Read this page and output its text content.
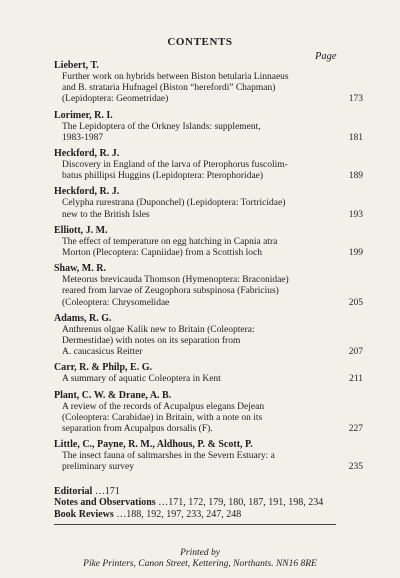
CONTENTS
Page
Liebert, T.
Further work on hybrids between Biston betularia Linnaeus
and B. strataria Hufnagel (Biston “herefordi” Chapman)
(Lepidoptera: Geometridae)	173
Lorimer, R. I.
The Lepidoptera of the Orkney Islands: supplement,
1983-1987	181
Heckford, R. J.
Discovery in England of the larva of Pterophorus fuscolim-
batus phillipsi Huggins (Lepidoptera: Pterophoridae)	189
Heckford, R. J.
Celypha rurestrana (Duponchel) (Lepidoptera: Tortricidae)
new to the British Isles	193
Elliott, J. M.
The effect of temperature on egg hatching in Capnia atra
Morton (Plecoptera: Capniidae) from a Scottish loch	199
Shaw, M. R.
Meteorus brevicauda Thomson (Hymenoptera: Braconidae)
reared from larvae of Zeugophora subspinosa (Fabricius)
(Coleoptera: Chrysomelidae	205
Adams, R. G.
Anthrenus olgae Kalik new to Britain (Coleoptera:
Dermestidae) with notes on its separation from
A. caucasicus Reitter	207
Carr, R. & Philp, E. G.
A summary of aquatic Coleoptera in Kent	211
Plant, C. W. & Drane, A. B.
A review of the records of Acupalpus elegans Dejean
(Coleoptera: Carabidae) in Britain, with a note on its
separation from Acupalpus dorsalis (F).	227
Little, C., Payne, R. M., Aldhous, P. & Scott, P.
The insect fauna of saltmarshes in the Severn Estuary: a
preliminary survey	235
Printed by
Pike Printers, Canon Street, Kettering, Northants. NN16 8RE
Editorial …171
Notes and Observations …171, 172, 179, 180, 187, 191, 198, 234
Book Reviews …188, 192, 197, 233, 247, 248
